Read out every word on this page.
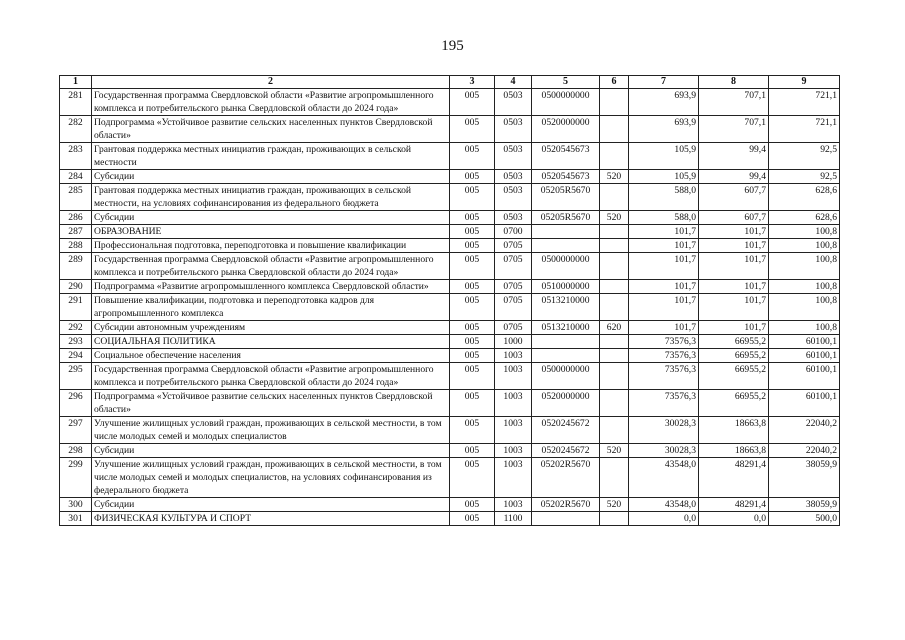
195
1	2	3	4	5	6	7	8	9
281	Государственная программа Свердловской области «Развитие агропромышленного комплекса и потребительского рынка Свердловской области до 2024 года»	005	0503	0500000000		693,9	707,1	721,1
282	Подпрограмма «Устойчивое развитие сельских населенных пунктов Свердловской области»	005	0503	0520000000		693,9	707,1	721,1
283	Грантовая поддержка местных инициатив граждан, проживающих в сельской местности	005	0503	0520545673		105,9	99,4	92,5
284	Субсидии	005	0503	0520545673	520	105,9	99,4	92,5
285	Грантовая поддержка местных инициатив граждан, проживающих в сельской местности, на условиях софинансирования из федерального бюджета	005	0503	05205R5670		588,0	607,7	628,6
286	Субсидии	005	0503	05205R5670	520	588,0	607,7	628,6
287	ОБРАЗОВАНИЕ	005	0700			101,7	101,7	100,8
288	Профессиональная подготовка, переподготовка и повышение квалификации	005	0705			101,7	101,7	100,8
289	Государственная программа Свердловской области «Развитие агропромышленного комплекса и потребительского рынка Свердловской области до 2024 года»	005	0705	0500000000		101,7	101,7	100,8
290	Подпрограмма «Развитие агропромышленного комплекса Свердловской области»	005	0705	0510000000		101,7	101,7	100,8
291	Повышение квалификации, подготовка и переподготовка кадров для агропромышленного комплекса	005	0705	0513210000		101,7	101,7	100,8
292	Субсидии автономным учреждениям	005	0705	0513210000	620	101,7	101,7	100,8
293	СОЦИАЛЬНАЯ ПОЛИТИКА	005	1000			73576,3	66955,2	60100,1
294	Социальное обеспечение населения	005	1003			73576,3	66955,2	60100,1
295	Государственная программа Свердловской области «Развитие агропромышленного комплекса и потребительского рынка Свердловской области до 2024 года»	005	1003	0500000000		73576,3	66955,2	60100,1
296	Подпрограмма «Устойчивое развитие сельских населенных пунктов Свердловской области»	005	1003	0520000000		73576,3	66955,2	60100,1
297	Улучшение жилищных условий граждан, проживающих в сельской местности, в том числе молодых семей и молодых специалистов	005	1003	0520245672		30028,3	18663,8	22040,2
298	Субсидии	005	1003	0520245672	520	30028,3	18663,8	22040,2
299	Улучшение жилищных условий граждан, проживающих в сельской местности, в том числе молодых семей и молодых специалистов, на условиях софинансирования из федерального бюджета	005	1003	05202R5670		43548,0	48291,4	38059,9
300	Субсидии	005	1003	05202R5670	520	43548,0	48291,4	38059,9
301	ФИЗИЧЕСКАЯ КУЛЬТУРА И СПОРТ	005	1100			0,0	0,0	500,0
